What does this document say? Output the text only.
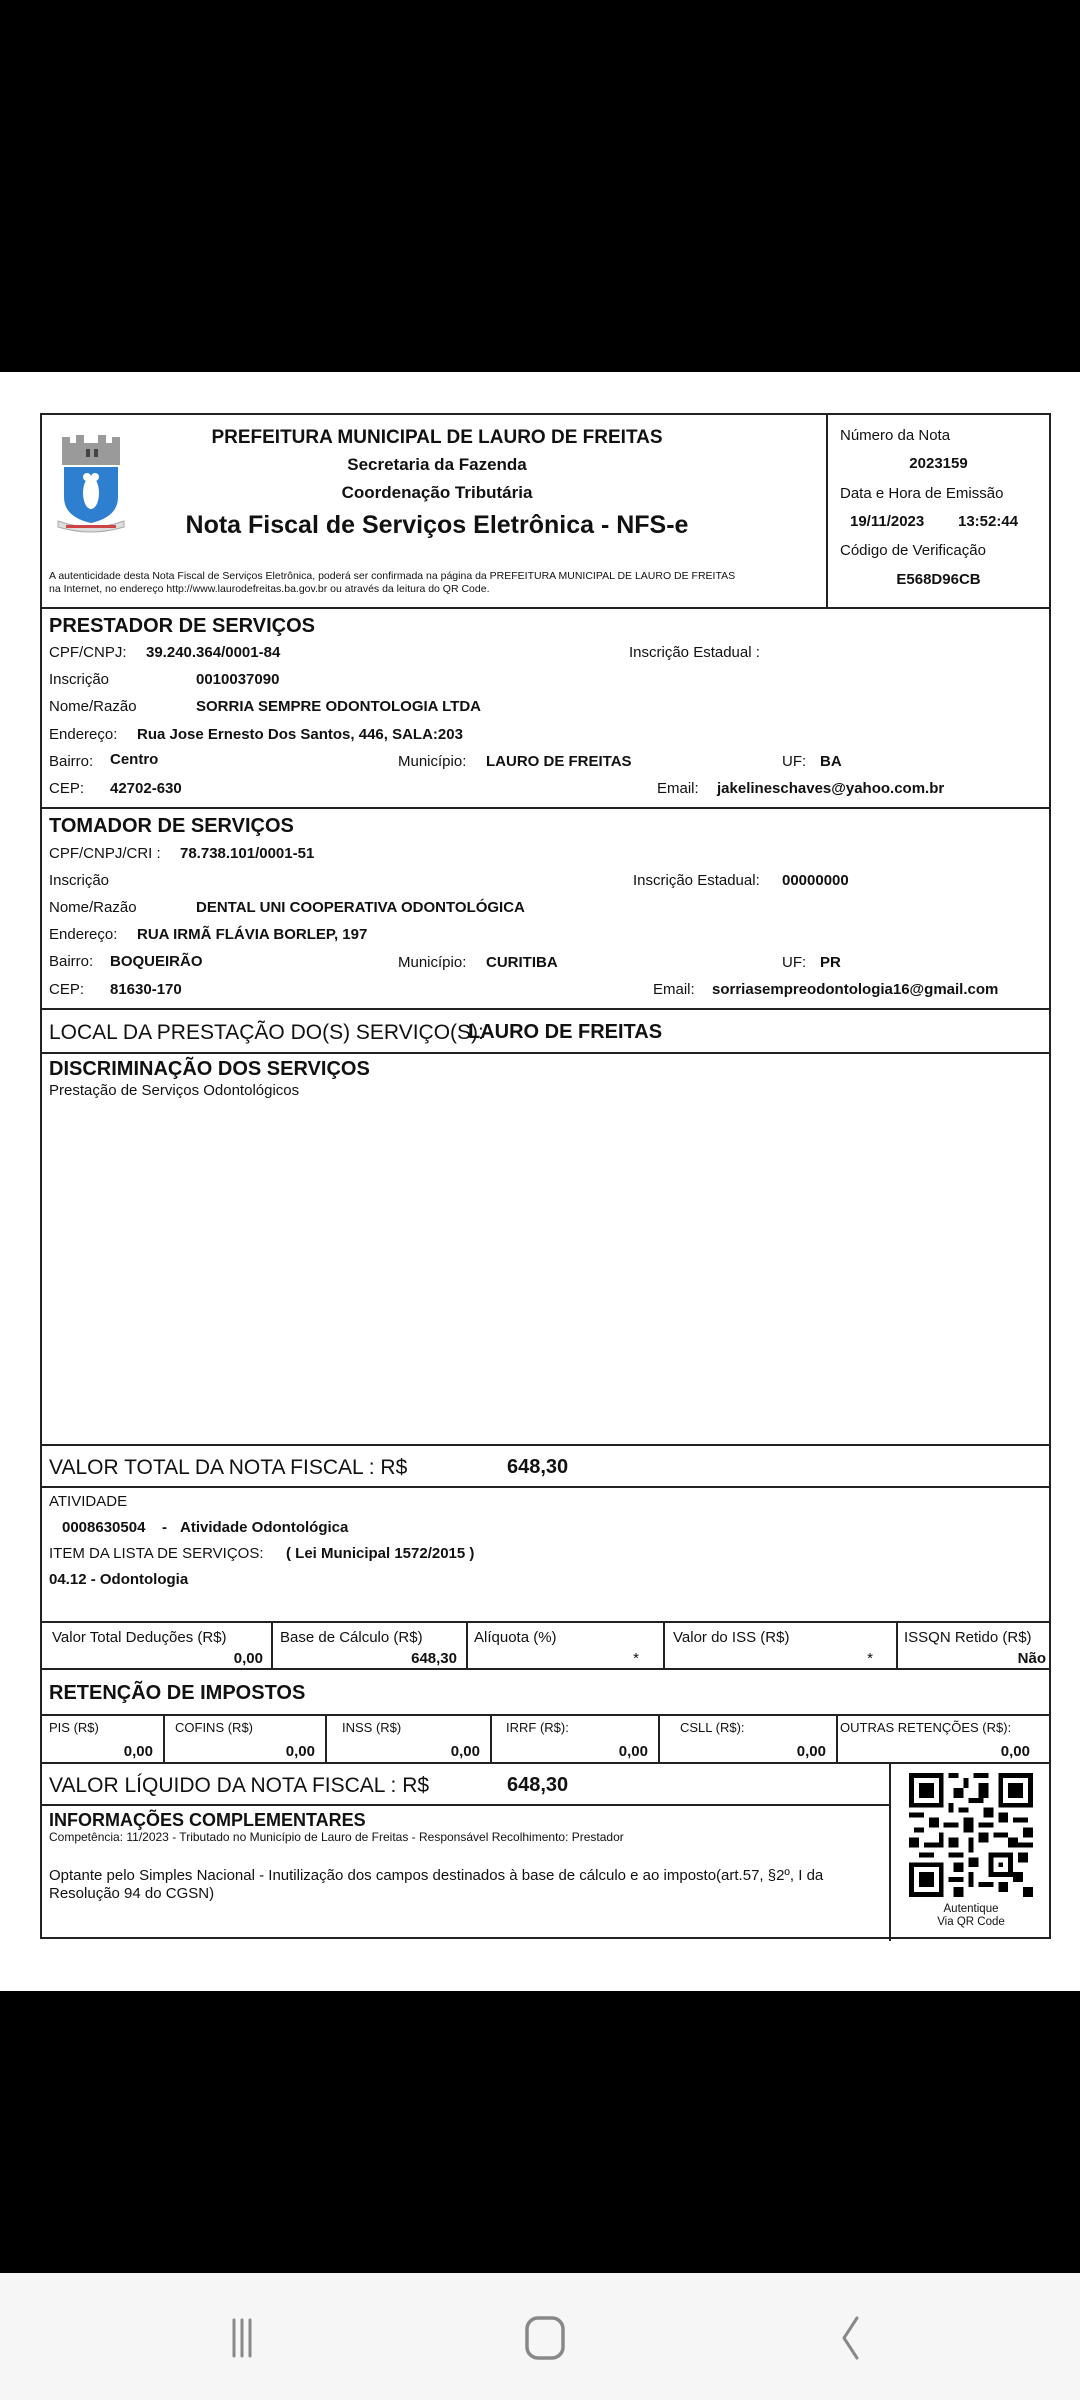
PREFEITURA MUNICIPAL DE LAURO DE FREITAS
Secretaria da Fazenda
Coordenação Tributária
Nota Fiscal de Serviços Eletrônica - NFS-e
A autenticidade desta Nota Fiscal de Serviços Eletrônica, poderá ser confirmada na página da PREFEITURA MUNICIPAL DE LAURO DE FREITAS
na Internet, no endereço http://www.laurodefreitas.ba.gov.br ou através da leitura do QR Code.
Número da Nota
2023159
Data e Hora de Emissão
19/11/2023 13:52:44
Código de Verificação
E568D96CB
PRESTADOR DE SERVIÇOS
CPF/CNPJ: 39.240.364/0001-84	Inscrição Estadual :
Inscrição	0010037090
Nome/Razão	SORRIA SEMPRE ODONTOLOGIA LTDA
Endereço: Rua Jose Ernesto Dos Santos, 446, SALA:203
Bairro: Centro	Município: LAURO DE FREITAS	UF: BA
CEP: 42702-630	Email: jakelineschaves@yahoo.com.br
TOMADOR DE SERVIÇOS
CPF/CNPJ/CRI : 78.738.101/0001-51
Inscrição	Inscrição Estadual: 00000000
Nome/Razão	DENTAL UNI COOPERATIVA ODONTOLÓGICA
Endereço: RUA IRMÃ FLÁVIA BORLEP, 197
Bairro: BOQUEIRÃO	Município: CURITIBA	UF: PR
CEP: 81630-170	Email: sorriasempreodontologia16@gmail.com
LOCAL DA PRESTAÇÃO DO(S) SERVIÇO(S):
LAURO DE FREITAS
DISCRIMINAÇÃO DOS SERVIÇOS
Prestação de Serviços Odontológicos
VALOR TOTAL DA NOTA FISCAL : R$	648,30
ATIVIDADE
0008630504 - Atividade Odontológica
ITEM DA LISTA DE SERVIÇOS: ( Lei Municipal 1572/2015 )
04.12 - Odontologia
Valor Total Deduções (R$)
0,00
Base de Cálculo (R$)
648,30
Alíquota (%)
*
Valor do ISS (R$)
*
ISSQN Retido (R$)
Não
RETENÇÃO DE IMPOSTOS
PIS (R$)
0,00
COFINS (R$)
0,00
INSS (R$)
0,00
IRRF (R$):
0,00
CSLL (R$):
0,00
OUTRAS RETENÇÕES (R$):
0,00
VALOR LÍQUIDO DA NOTA FISCAL : R$	648,30
INFORMAÇÕES COMPLEMENTARES
Competência: 11/2023 - Tributado no Município de Lauro de Freitas - Responsável Recolhimento: Prestador
Optante pelo Simples Nacional - Inutilização dos campos destinados à base de cálculo e ao imposto(art.57, §2º, I da Resolução 94 do CGSN)
Autentique
Via QR Code
